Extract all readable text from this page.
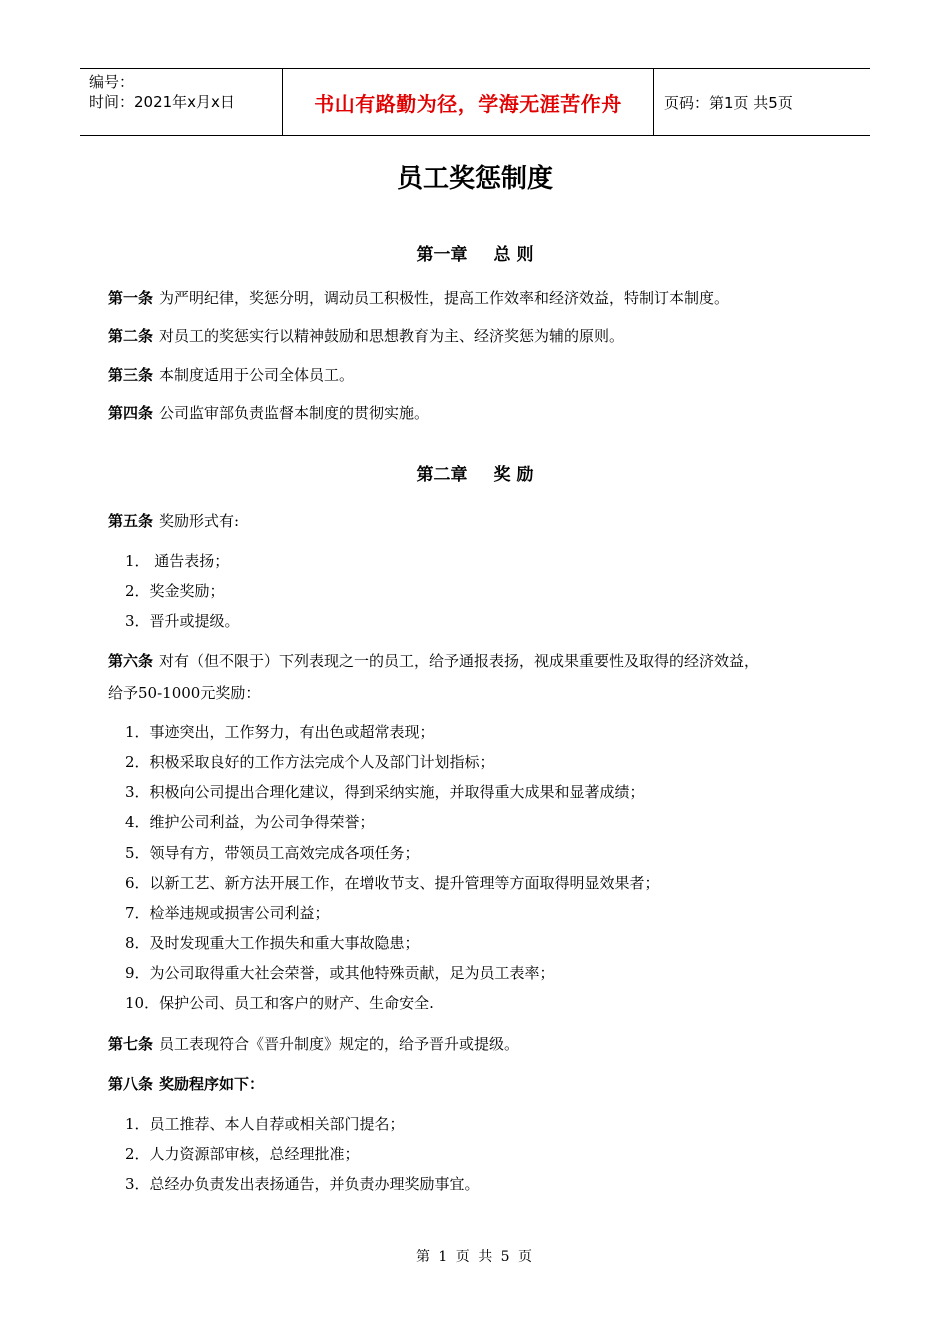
编号：
时间：2021年x月x日	书山有路勤为径，学海无涯苦作舟	页码：第1页 共5页
员工奖惩制度
第一章 总 则
第一条 为严明纪律，奖惩分明，调动员工积极性，提高工作效率和经济效益，特制订本制度。
第二条 对员工的奖惩实行以精神鼓励和思想教育为主、经济奖惩为辅的原则。
第三条 本制度适用于公司全体员工。
第四条 公司监审部负责监督本制度的贯彻实施。
第二章 奖 励
第五条 奖励形式有:
1． 通告表扬；
2．奖金奖励；
3．晋升或提级。
第六条 对有（但不限于）下列表现之一的员工，给予通报表扬，视成果重要性及取得的经济效益，
给予50-1000元奖励：
1．事迹突出，工作努力，有出色或超常表现；
2．积极采取良好的工作方法完成个人及部门计划指标；
3．积极向公司提出合理化建议，得到采纳实施，并取得重大成果和显著成绩；
4．维护公司利益，为公司争得荣誉；
5．领导有方，带领员工高效完成各项任务；
6．以新工艺、新方法开展工作，在增收节支、提升管理等方面取得明显效果者；
7．检举违规或损害公司利益；
8．及时发现重大工作损失和重大事故隐患；
9．为公司取得重大社会荣誉，或其他特殊贡献，足为员工表率；
10．保护公司、员工和客户的财产、生命安全.
第七条 员工表现符合《晋升制度》规定的，给予晋升或提级。
第八条 奖励程序如下：
1．员工推荐、本人自荐或相关部门提名；
2．人力资源部审核，总经理批准；
3．总经办负责发出表扬通告，并负责办理奖励事宜。
第 1 页 共 5 页
